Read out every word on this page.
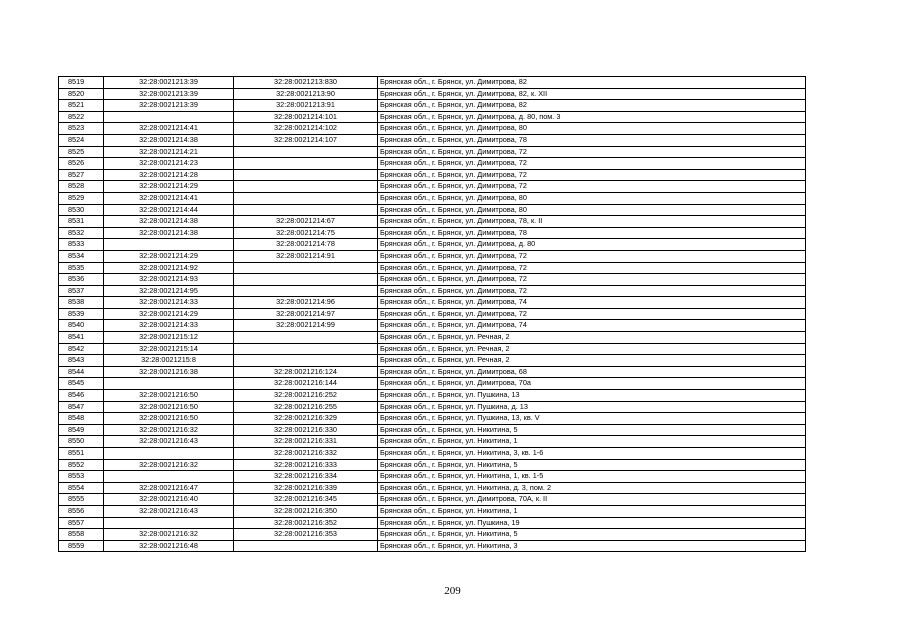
8519	32:28:0021213:39	32:28:0021213:830	Брянская обл., г. Брянск, ул. Димитрова, 82
8520	32:28:0021213:39	32:28:0021213:90	Брянская обл., г. Брянск, ул. Димитрова, 82, к. XII
8521	32:28:0021213:39	32:28:0021213:91	Брянская обл., г. Брянск, ул. Димитрова, 82
8522		32:28:0021214:101	Брянская обл., г. Брянск, ул. Димитрова, д. 80, пом. 3
8523	32:28:0021214:41	32:28:0021214:102	Брянская обл., г. Брянск, ул. Димитрова, 80
8524	32:28:0021214:38	32:28:0021214:107	Брянская обл., г. Брянск, ул. Димитрова, 78
8525	32:28:0021214:21		Брянская обл., г. Брянск, ул. Димитрова, 72
8526	32:28:0021214:23		Брянская обл., г. Брянск, ул. Димитрова, 72
8527	32:28:0021214:28		Брянская обл., г. Брянск, ул. Димитрова, 72
8528	32:28:0021214:29		Брянская обл., г. Брянск, ул. Димитрова, 72
8529	32:28:0021214:41		Брянская обл., г. Брянск, ул. Димитрова, 80
8530	32:28:0021214:44		Брянская обл., г. Брянск, ул. Димитрова, 80
8531	32:28:0021214:38	32:28:0021214:67	Брянская обл., г. Брянск, ул. Димитрова, 78, к. II
8532	32:28:0021214:38	32:28:0021214:75	Брянская обл., г. Брянск, ул. Димитрова, 78
8533		32:28:0021214:78	Брянская обл., г. Брянск, ул. Димитрова, д. 80
8534	32:28:0021214:29	32:28:0021214:91	Брянская обл., г. Брянск, ул. Димитрова, 72
8535	32:28:0021214:92		Брянская обл., г. Брянск, ул. Димитрова, 72
8536	32:28:0021214:93		Брянская обл., г. Брянск, ул. Димитрова, 72
8537	32:28:0021214:95		Брянская обл., г. Брянск, ул. Димитрова, 72
8538	32:28:0021214:33	32:28:0021214:96	Брянская обл., г. Брянск, ул. Димитрова, 74
8539	32:28:0021214:29	32:28:0021214:97	Брянская обл., г. Брянск, ул. Димитрова, 72
8540	32:28:0021214:33	32:28:0021214:99	Брянская обл., г. Брянск, ул. Димитрова, 74
8541	32:28:0021215:12		Брянская обл., г. Брянск, ул. Речная, 2
8542	32:28:0021215:14		Брянская обл., г. Брянск, ул. Речная, 2
8543	32:28:0021215:8		Брянская обл., г. Брянск, ул. Речная, 2
8544	32:28:0021216:38	32:28:0021216:124	Брянская обл., г. Брянск, ул. Димитрова, 68
8545		32:28:0021216:144	Брянская обл., г. Брянск, ул. Димитрова, 70а
8546	32:28:0021216:50	32:28:0021216:252	Брянская обл., г. Брянск, ул. Пушкина, 13
8547	32:28:0021216:50	32:28:0021216:255	Брянская обл., г. Брянск, ул. Пушкина, д. 13
8548	32:28:0021216:50	32:28:0021216:329	Брянская обл., г. Брянск, ул. Пушкина, 13, кв. V
8549	32:28:0021216:32	32:28:0021216:330	Брянская обл., г. Брянск, ул. Никитина, 5
8550	32:28:0021216:43	32:28:0021216:331	Брянская обл., г. Брянск, ул. Никитина, 1
8551		32:28:0021216:332	Брянская обл., г. Брянск, ул. Никитина, 3, кв. 1-6
8552	32:28:0021216:32	32:28:0021216:333	Брянская обл., г. Брянск, ул. Никитина, 5
8553		32:28:0021216:334	Брянская обл., г. Брянск, ул. Никитина, 1, кв. 1-5
8554	32:28:0021216:47	32:28:0021216:339	Брянская обл., г. Брянск, ул. Никитина, д. 3, пом. 2
8555	32:28:0021216:40	32:28:0021216:345	Брянская обл., г. Брянск, ул. Димитрова, 70А, к. II
8556	32:28:0021216:43	32:28:0021216:350	Брянская обл., г. Брянск, ул. Никитина, 1
8557		32:28:0021216:352	Брянская обл., г. Брянск, ул. Пушкина, 19
8558	32:28:0021216:32	32:28:0021216:353	Брянская обл., г. Брянск, ул. Никитина, 5
8559	32:28:0021216:48		Брянская обл., г. Брянск, ул. Никитина, 3
209
